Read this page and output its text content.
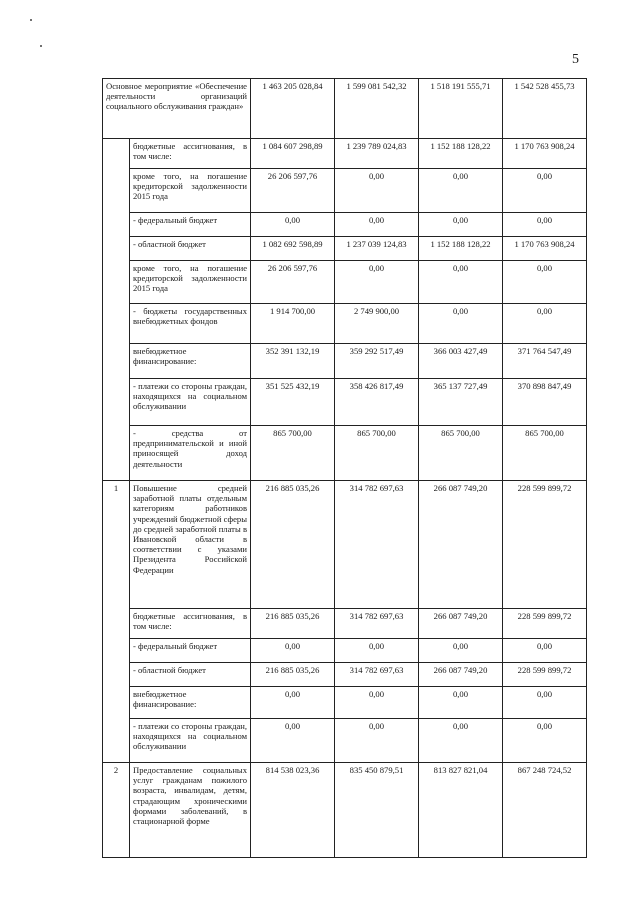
5
Основное мероприятие «Обеспечение деятельности организаций социального обслуживания граждан»		1 463 205 028,84	1 599 081 542,32	1 518 191 555,71	1 542 528 455,73
	бюджетные ассигнования, в том числе:	1 084 607 298,89	1 239 789 024,83	1 152 188 128,22	1 170 763 908,24
	кроме того, на погашение кредиторской задолженности 2015 года	26 206 597,76	0,00	0,00	0,00
	- федеральный бюджет	0,00	0,00	0,00	0,00
	- областной бюджет	1 082 692 598,89	1 237 039 124,83	1 152 188 128,22	1 170 763 908,24
	кроме того, на погашение кредиторской задолженности 2015 года	26 206 597,76	0,00	0,00	0,00
	- бюджеты государственных внебюджетных фондов	1 914 700,00	2 749 900,00	0,00	0,00
	внебюджетное финансирование:	352 391 132,19	359 292 517,49	366 003 427,49	371 764 547,49
	- платежи со стороны граждан, находящихся на социальном обслуживании	351 525 432,19	358 426 817,49	365 137 727,49	370 898 847,49
	- средства от предпринимательской и иной приносящей доход деятельности	865 700,00	865 700,00	865 700,00	865 700,00
1	Повышение средней заработной платы отдельным категориям работников учреждений бюджетной сферы до средней заработной платы в Ивановской области в соответствии с указами Президента Российской Федерации	216 885 035,26	314 782 697,63	266 087 749,20	228 599 899,72
	бюджетные ассигнования, в том числе:	216 885 035,26	314 782 697,63	266 087 749,20	228 599 899,72
	- федеральный бюджет	0,00	0,00	0,00	0,00
	- областной бюджет	216 885 035,26	314 782 697,63	266 087 749,20	228 599 899,72
	внебюджетное финансирование:	0,00	0,00	0,00	0,00
	- платежи со стороны граждан, находящихся на социальном обслуживании	0,00	0,00	0,00	0,00
2	Предоставление социальных услуг гражданам пожилого возраста, инвалидам, детям, страдающим хроническими формами заболеваний, в стационарной форме	814 538 023,36	835 450 879,51	813 827 821,04	867 248 724,52
